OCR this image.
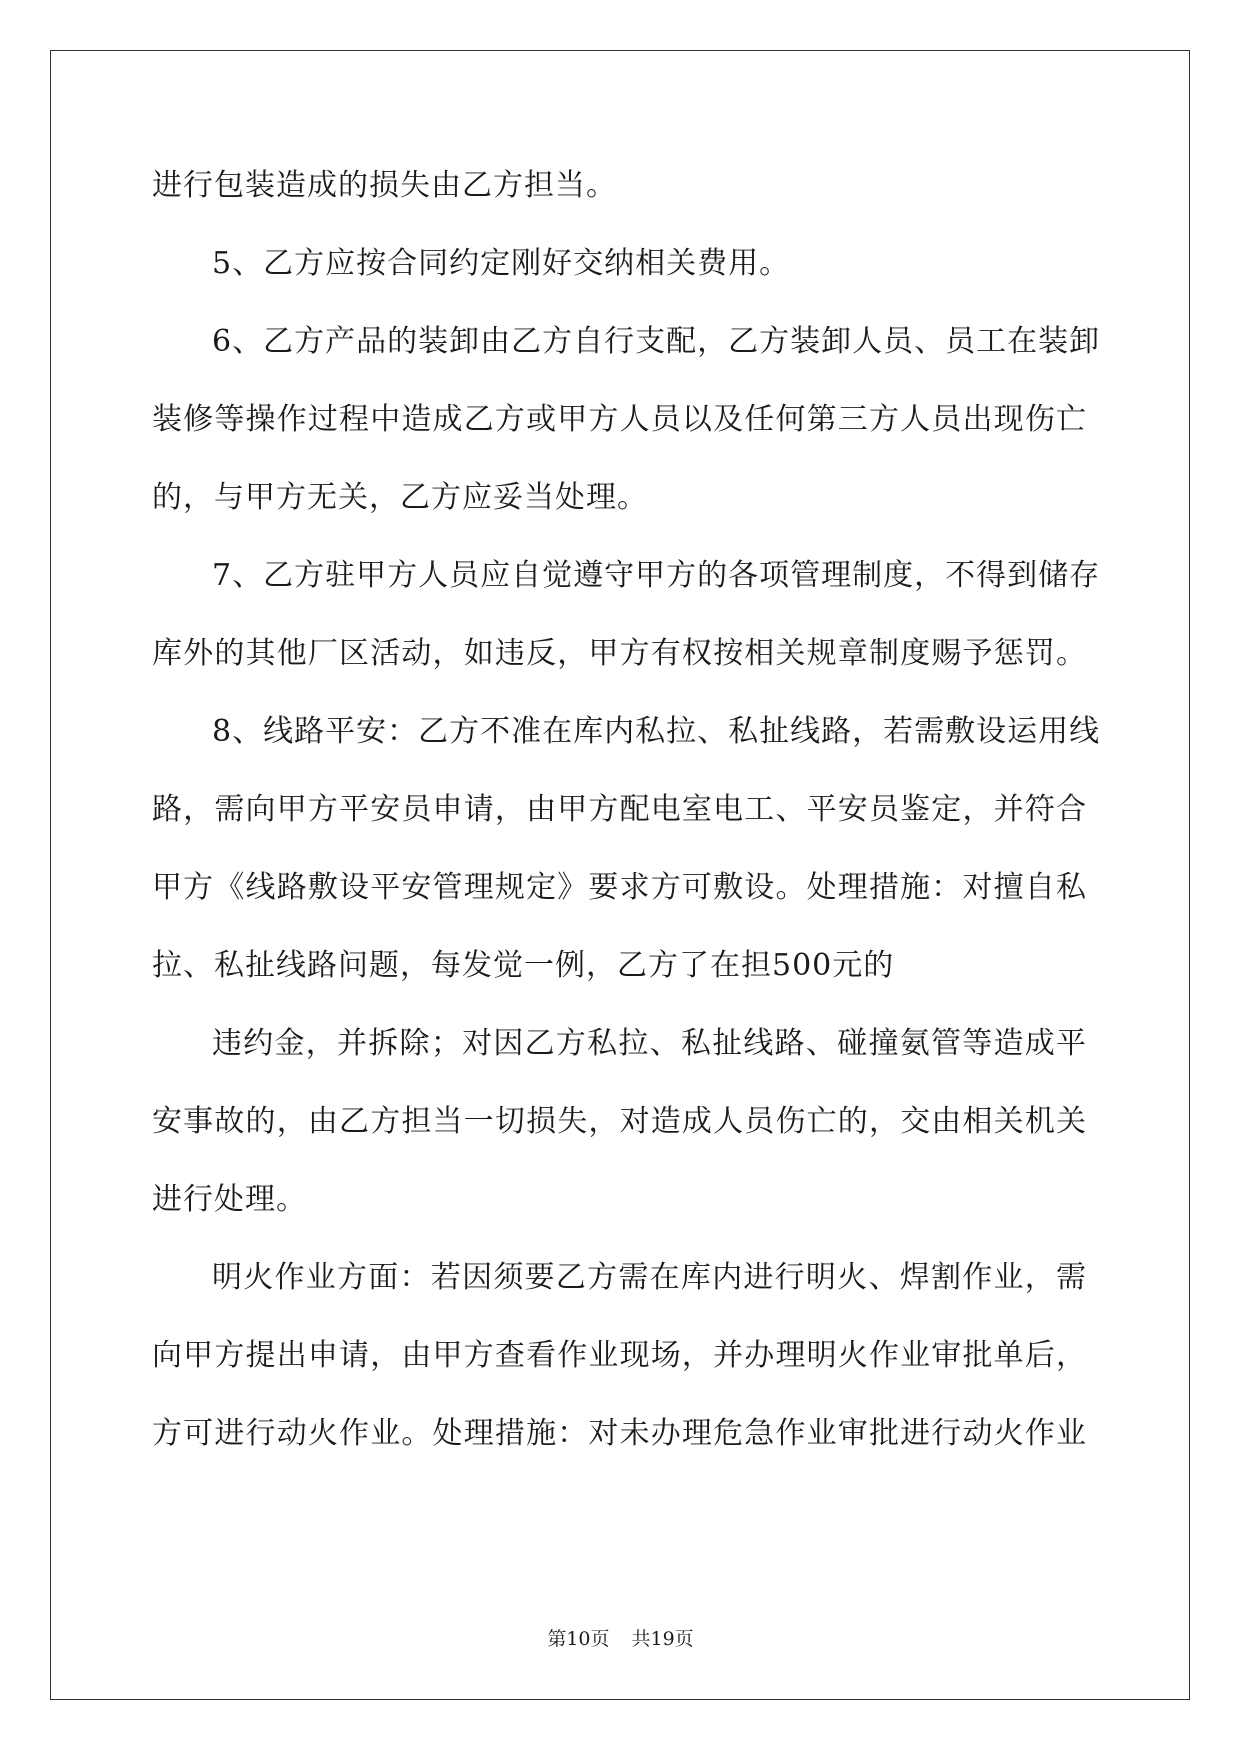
进行包装造成的损失由乙方担当。
5、乙方应按合同约定刚好交纳相关费用。
6、乙方产品的装卸由乙方自行支配，乙方装卸人员、员工在装卸
装修等操作过程中造成乙方或甲方人员以及任何第三方人员出现伤亡
的，与甲方无关，乙方应妥当处理。
7、乙方驻甲方人员应自觉遵守甲方的各项管理制度，不得到储存
库外的其他厂区活动，如违反，甲方有权按相关规章制度赐予惩罚。
8、线路平安：乙方不准在库内私拉、私扯线路，若需敷设运用线
路，需向甲方平安员申请，由甲方配电室电工、平安员鉴定，并符合
甲方《线路敷设平安管理规定》要求方可敷设。处理措施：对擅自私
拉、私扯线路问题，每发觉一例，乙方了在担500元的
违约金，并拆除；对因乙方私拉、私扯线路、碰撞氨管等造成平
安事故的，由乙方担当一切损失，对造成人员伤亡的，交由相关机关
进行处理。
明火作业方面：若因须要乙方需在库内进行明火、焊割作业，需
向甲方提出申请，由甲方查看作业现场，并办理明火作业审批单后，
方可进行动火作业。处理措施：对未办理危急作业审批进行动火作业
第10页 共19页
